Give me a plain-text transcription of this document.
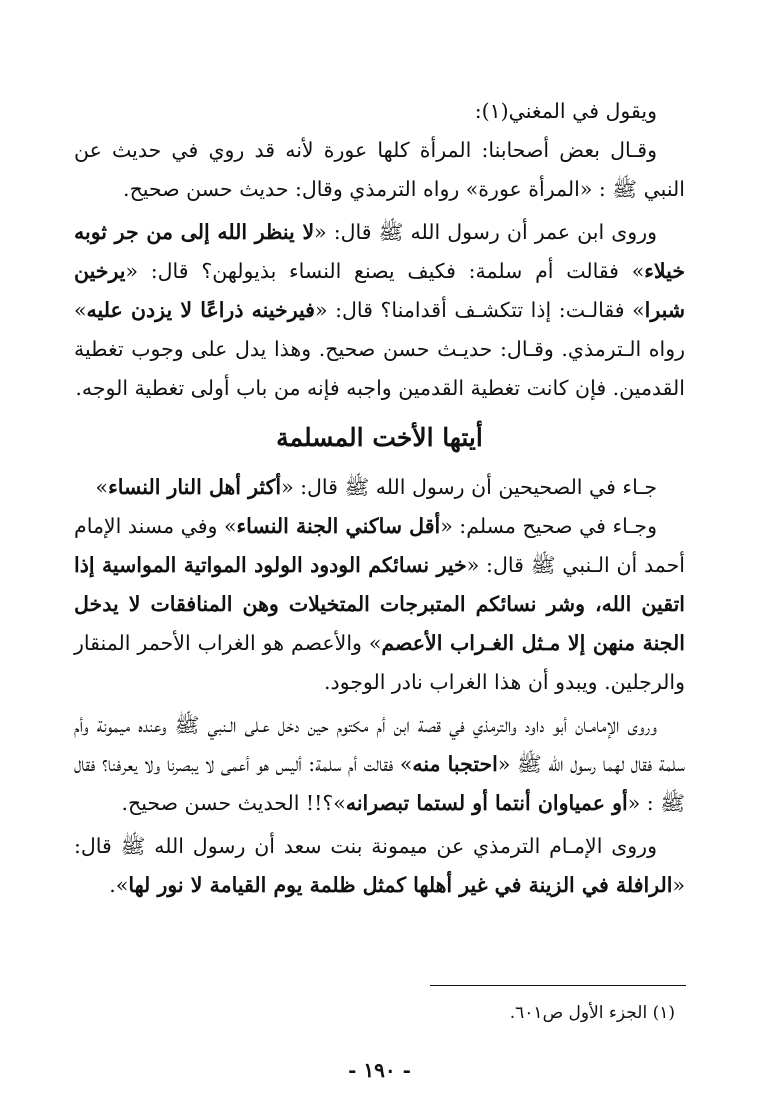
ويقول في المغني(١):

وقـال بعض أصحابنا: المرأة كلها عورة لأنه قد روي في حديث عن النبي ﷺ : «المرأة عورة» رواه الترمذي وقال: حديث حسن صحيح.

وروى ابن عمر أن رسول الله ﷺ قال: «لا ينظر الله إلى من جر ثوبه خيلاء» فقالت أم سلمة: فكيف يصنع النساء بذيولهن؟ قال: «يرخين شبرا» فقالـت: إذا تتكشـف أقدامنا؟ قال: «فيرخينه ذراعًا لا يزدن عليه» رواه الـترمذي. وقـال: حديـث حسن صحيح. وهذا يدل على وجوب تغطية القدمين. فإن كانت تغطية القدمين واجبه فإنه من باب أولى تغطية الوجه.

أيتها الأخت المسلمة

جـاء في الصحيحين أن رسول الله ﷺ قال: «أكثر أهل النار النساء»

وجـاء في صحيح مسلم: «أقل ساكني الجنة النساء» وفي مسند الإمام أحمد أن الـنبي ﷺ قال: «خير نسائكم الودود الولود المواتية المواسية إذا اتقين الله، وشر نسائكم المتبرجات المتخيلات وهن المنافقات لا يدخل الجنة منهن إلا مـثل الغـراب الأعصم» والأعصم هو الغراب الأحمر المنقار والرجلين. ويبدو أن هذا الغراب نادر الوجود.

وروى الإمامـان أبو داود والترمذي في قصة ابن أم مكتوم حين دخل عـلى الـنبي ﷺ وعنده ميمونة وأم سلمة فقال لهما رسول الله ﷺ «احتجبا منه» فقالت أم سلمة: أليس هو أعمى لا يبصرنا ولا يعرفنا؟ فقال ﷺ : «أو عمياوان أنتما أو لستما تبصرانه»؟!! الحديث حسن صحيح.

وروى الإمـام الترمذي عن ميمونة بنت سعد أن رسول الله ﷺ قال: «الرافلة في الزينة في غير أهلها كمثل ظلمة يوم القيامة لا نور لها».

(١) الجزء الأول ص٦٠١.

- ١٩٠ -
